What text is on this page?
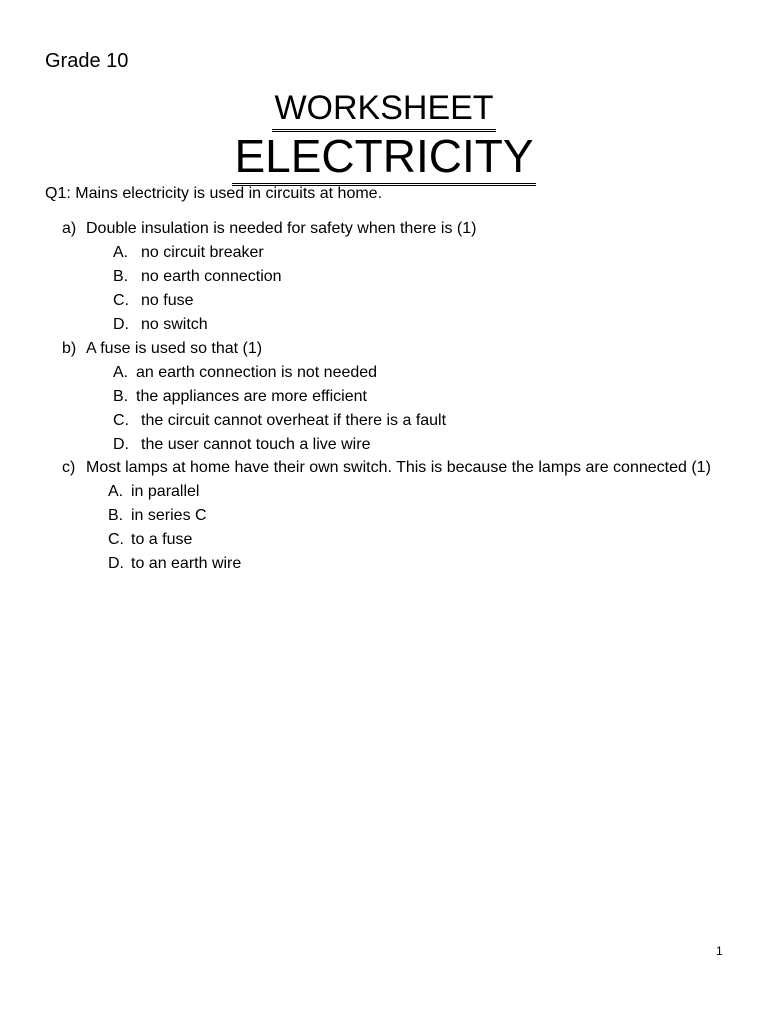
Grade 10
WORKSHEET
ELECTRICITY
Q1: Mains electricity is used in circuits at home.
a) Double insulation is needed for safety when there is (1)
A. no circuit breaker
B. no earth connection
C. no fuse
D. no switch
b) A fuse is used so that (1)
A. an earth connection is not needed
B. the appliances are more efficient
C. the circuit cannot overheat if there is a fault
D. the user cannot touch a live wire
c) Most lamps at home have their own switch. This is because the lamps are connected (1)
A. in parallel
B. in series C
C. to a fuse
D. to an earth wire
1
